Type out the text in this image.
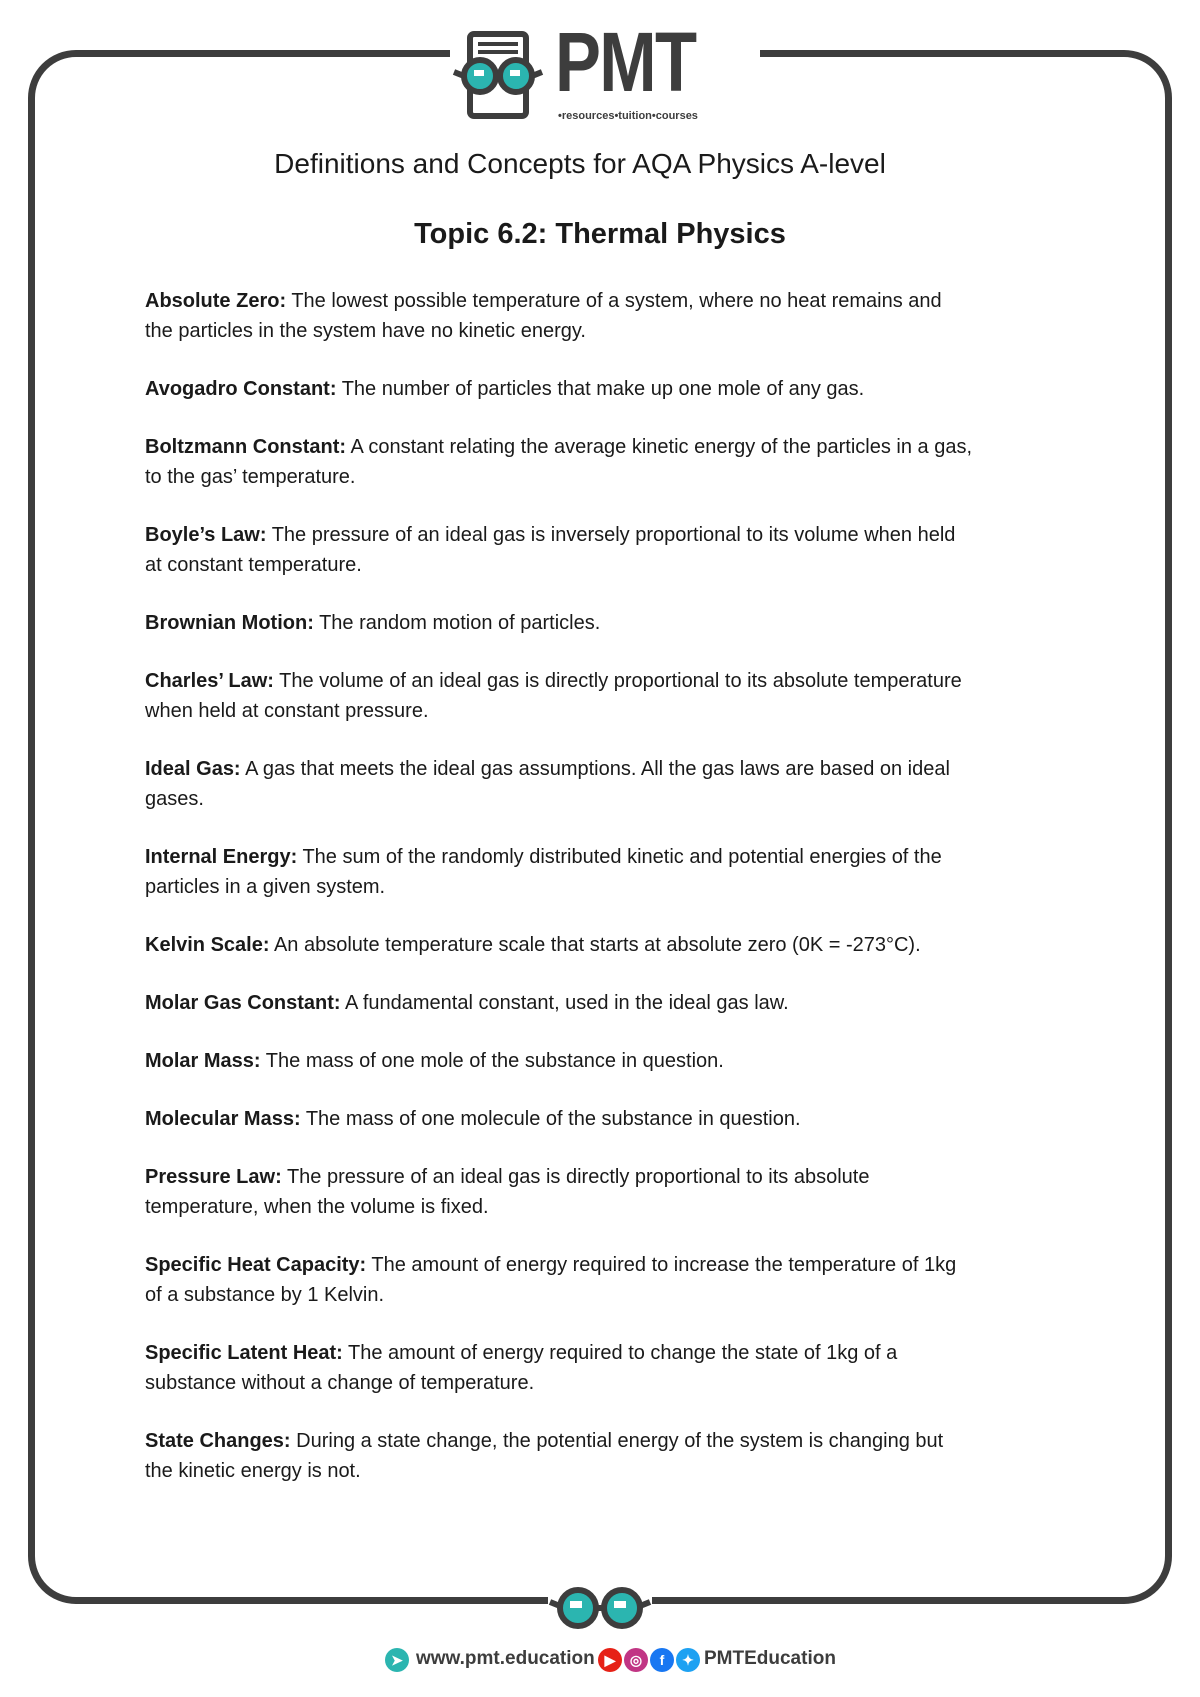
PMT
•resources•tuition•courses
Definitions and Concepts for AQA Physics A-level
Topic 6.2: Thermal Physics

Absolute Zero: The lowest possible temperature of a system, where no heat remains and the particles in the system have no kinetic energy.

Avogadro Constant: The number of particles that make up one mole of any gas.

Boltzmann Constant: A constant relating the average kinetic energy of the particles in a gas, to the gas’ temperature.

Boyle’s Law: The pressure of an ideal gas is inversely proportional to its volume when held at constant temperature.

Brownian Motion: The random motion of particles.

Charles’ Law: The volume of an ideal gas is directly proportional to its absolute temperature when held at constant pressure.

Ideal Gas: A gas that meets the ideal gas assumptions. All the gas laws are based on ideal gases.

Internal Energy: The sum of the randomly distributed kinetic and potential energies of the particles in a given system.

Kelvin Scale: An absolute temperature scale that starts at absolute zero (0K = -273°C).

Molar Gas Constant: A fundamental constant, used in the ideal gas law.

Molar Mass: The mass of one mole of the substance in question.

Molecular Mass: The mass of one molecule of the substance in question.

Pressure Law: The pressure of an ideal gas is directly proportional to its absolute temperature, when the volume is fixed.

Specific Heat Capacity: The amount of energy required to increase the temperature of 1kg of a substance by 1 Kelvin.

Specific Latent Heat: The amount of energy required to change the state of 1kg of a substance without a change of temperature.

State Changes: During a state change, the potential energy of the system is changing but the kinetic energy is not.

➤ www.pmt.education ▶	◎	f	✦ PMTEducation
